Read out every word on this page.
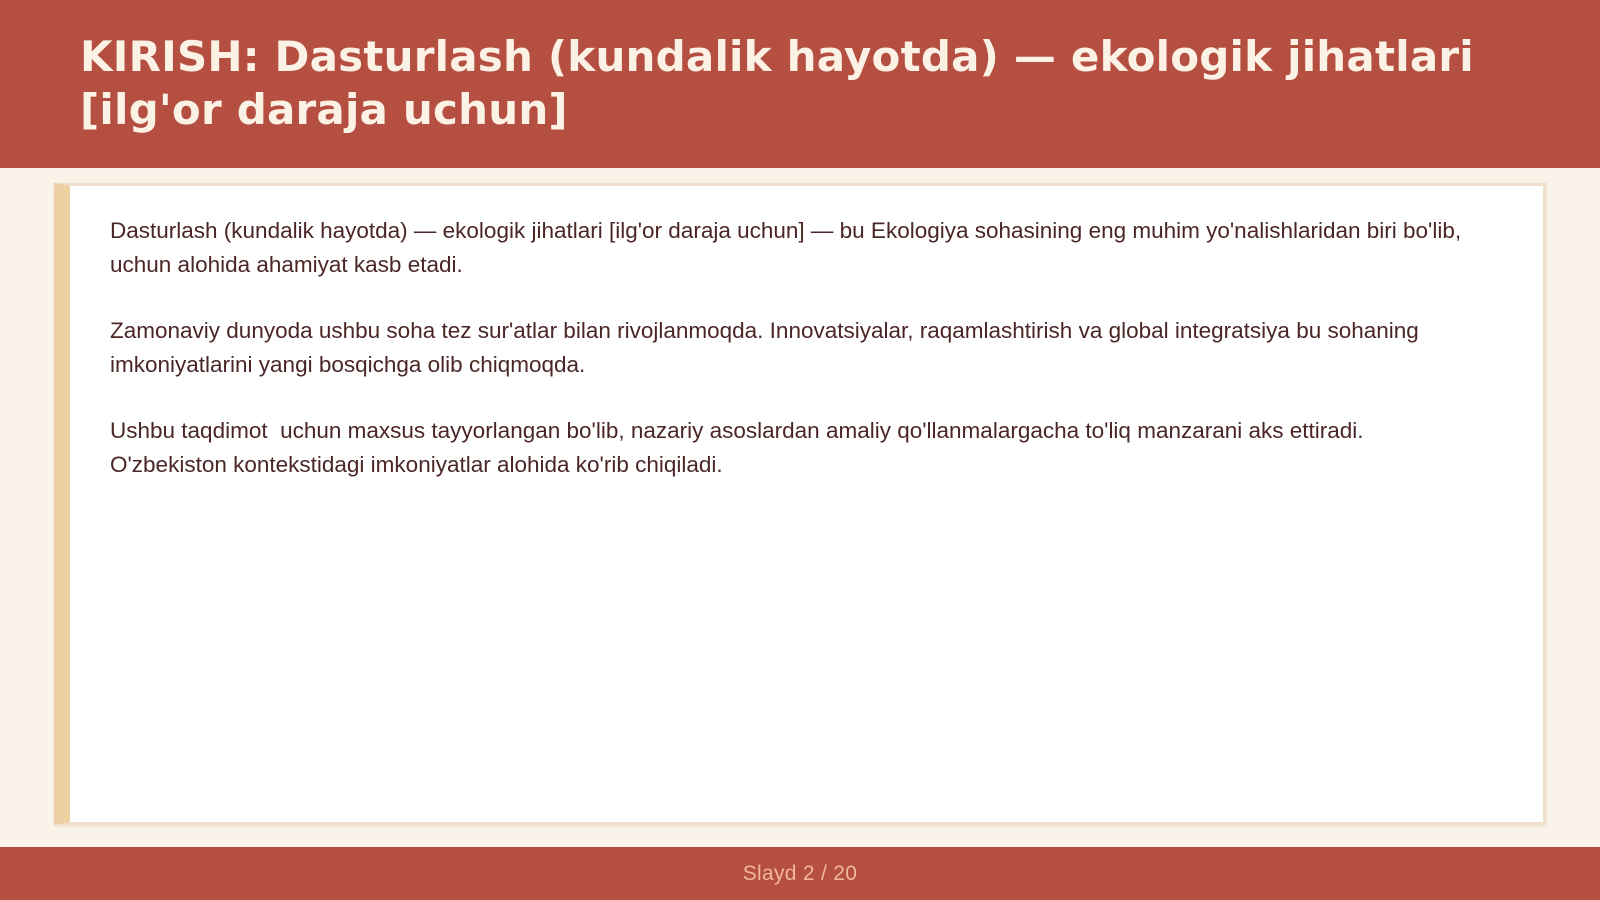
KIRISH: Dasturlash (kundalik hayotda) — ekologik jihatlari [ilg'or daraja uchun]

Dasturlash (kundalik hayotda) — ekologik jihatlari [ilg'or daraja uchun] — bu Ekologiya sohasining eng muhim yo'nalishlaridan biri bo'lib,  uchun alohida ahamiyat kasb etadi.

Zamonaviy dunyoda ushbu soha tez sur'atlar bilan rivojlanmoqda. Innovatsiyalar, raqamlashtirish va global integratsiya bu sohaning imkoniyatlarini yangi bosqichga olib chiqmoqda.

Ushbu taqdimot  uchun maxsus tayyorlangan bo'lib, nazariy asoslardan amaliy qo'llanmalargacha to'liq manzarani aks ettiradi. O'zbekiston kontekstidagi imkoniyatlar alohida ko'rib chiqiladi.

Slayd 2 / 20
